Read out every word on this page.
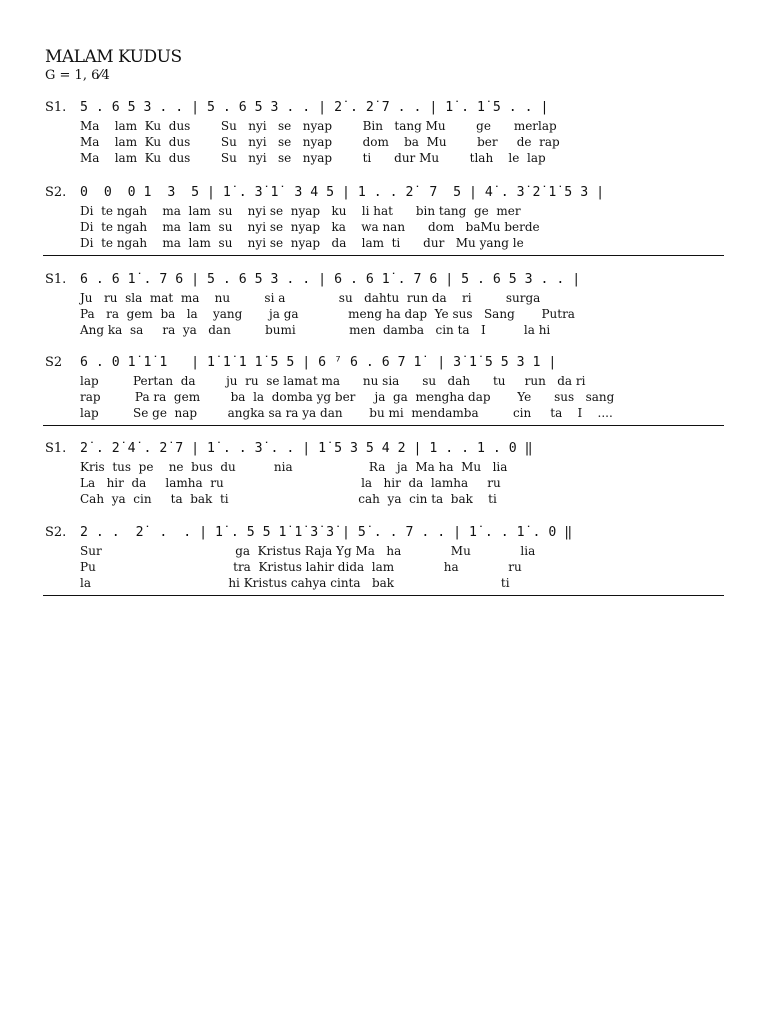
MALAM KUDUS
G = 1, 6⁄4
S1. 5 . 6 5 3 . . | 5 . 6 5 3 . . | 2̇ . 2̇ 7 . . | 1̇ . 1̇ 5 . . |
Ma    lam  Ku  dus        Su   nyi   se   nyap        Bin   tang Mu        ge      merlap
Ma    lam  Ku  dus        Su   nyi   se   nyap        dom    ba  Mu        ber     de  rap
Ma    lam  Ku  dus        Su   nyi   se   nyap        ti      dur Mu        tlah    le  lap
S2. 0  0  0 1  3  5 | 1̇ . 3̇ 1̇  3 4 5 | 1 . . 2̇  7  5 | 4̇ . 3̇ 2̇ 1̇ 5 3 |
Di  te ngah    ma  lam  su    nyi se  nyap   ku    li hat      bin tang  ge  mer
Di  te ngah    ma  lam  su    nyi se  nyap   ka    wa nan      dom   baMu berde
Di  te ngah    ma  lam  su    nyi se  nyap   da    lam  ti      dur   Mu yang le
S1. 6 . 6 1̇ . 7 6 | 5 . 6 5 3 . . | 6 . 6 1̇ . 7 6 | 5 . 6 5 3 . . |
Ju   ru  sla  mat  ma    nu         si a              su   dahtu  run da    ri         surga
Pa   ra  gem  ba   la    yang       ja ga             meng ha dap  Ye sus   Sang       Putra
Ang ka  sa     ra  ya   dan         bumi              men  damba   cin ta   I          la hi
S2 6 . 0 1̇ 1̇ 1   | 1̇ 1̇ 1 1̇ 5 5 | 6 ⁷ 6 . 6 7 1̇  | 3̇ 1̇ 5 5 3 1 |
lap         Pertan  da        ju  ru  se lamat ma      nu sia      su   dah      tu     run   da ri
rap         Pa ra  gem        ba  la  domba yg ber     ja  ga  mengha dap       Ye      sus   sang
lap         Se ge  nap        angka sa ra ya dan       bu mi  mendamba         cin     ta    I    ....
S1. 2̇ . 2̇ 4̇ . 2̇ 7 | 1̇ . . 3̇ . . | 1̇ 5 3 5 4 2 | 1 . . 1 . 0 ‖
Kris  tus  pe    ne  bus  du          nia                    Ra   ja  Ma ha  Mu   lia
La   hir  da     lamha  ru                                    la   hir  da  lamha     ru
Cah  ya  cin     ta  bak  ti                                  cah  ya  cin ta  bak    ti
S2. 2 . .  2̇  .  . | 1̇ . 5 5 1̇ 1̇ 3̇ 3̇ | 5̇ . . 7 . . | 1̇ . . 1̇ . 0 ‖
Sur                                   ga  Kristus Raja Yg Ma   ha             Mu             lia
Pu                                    tra  Kristus lahir dida  lam             ha             ru
la                                    hi Kristus cahya cinta   bak                            ti
